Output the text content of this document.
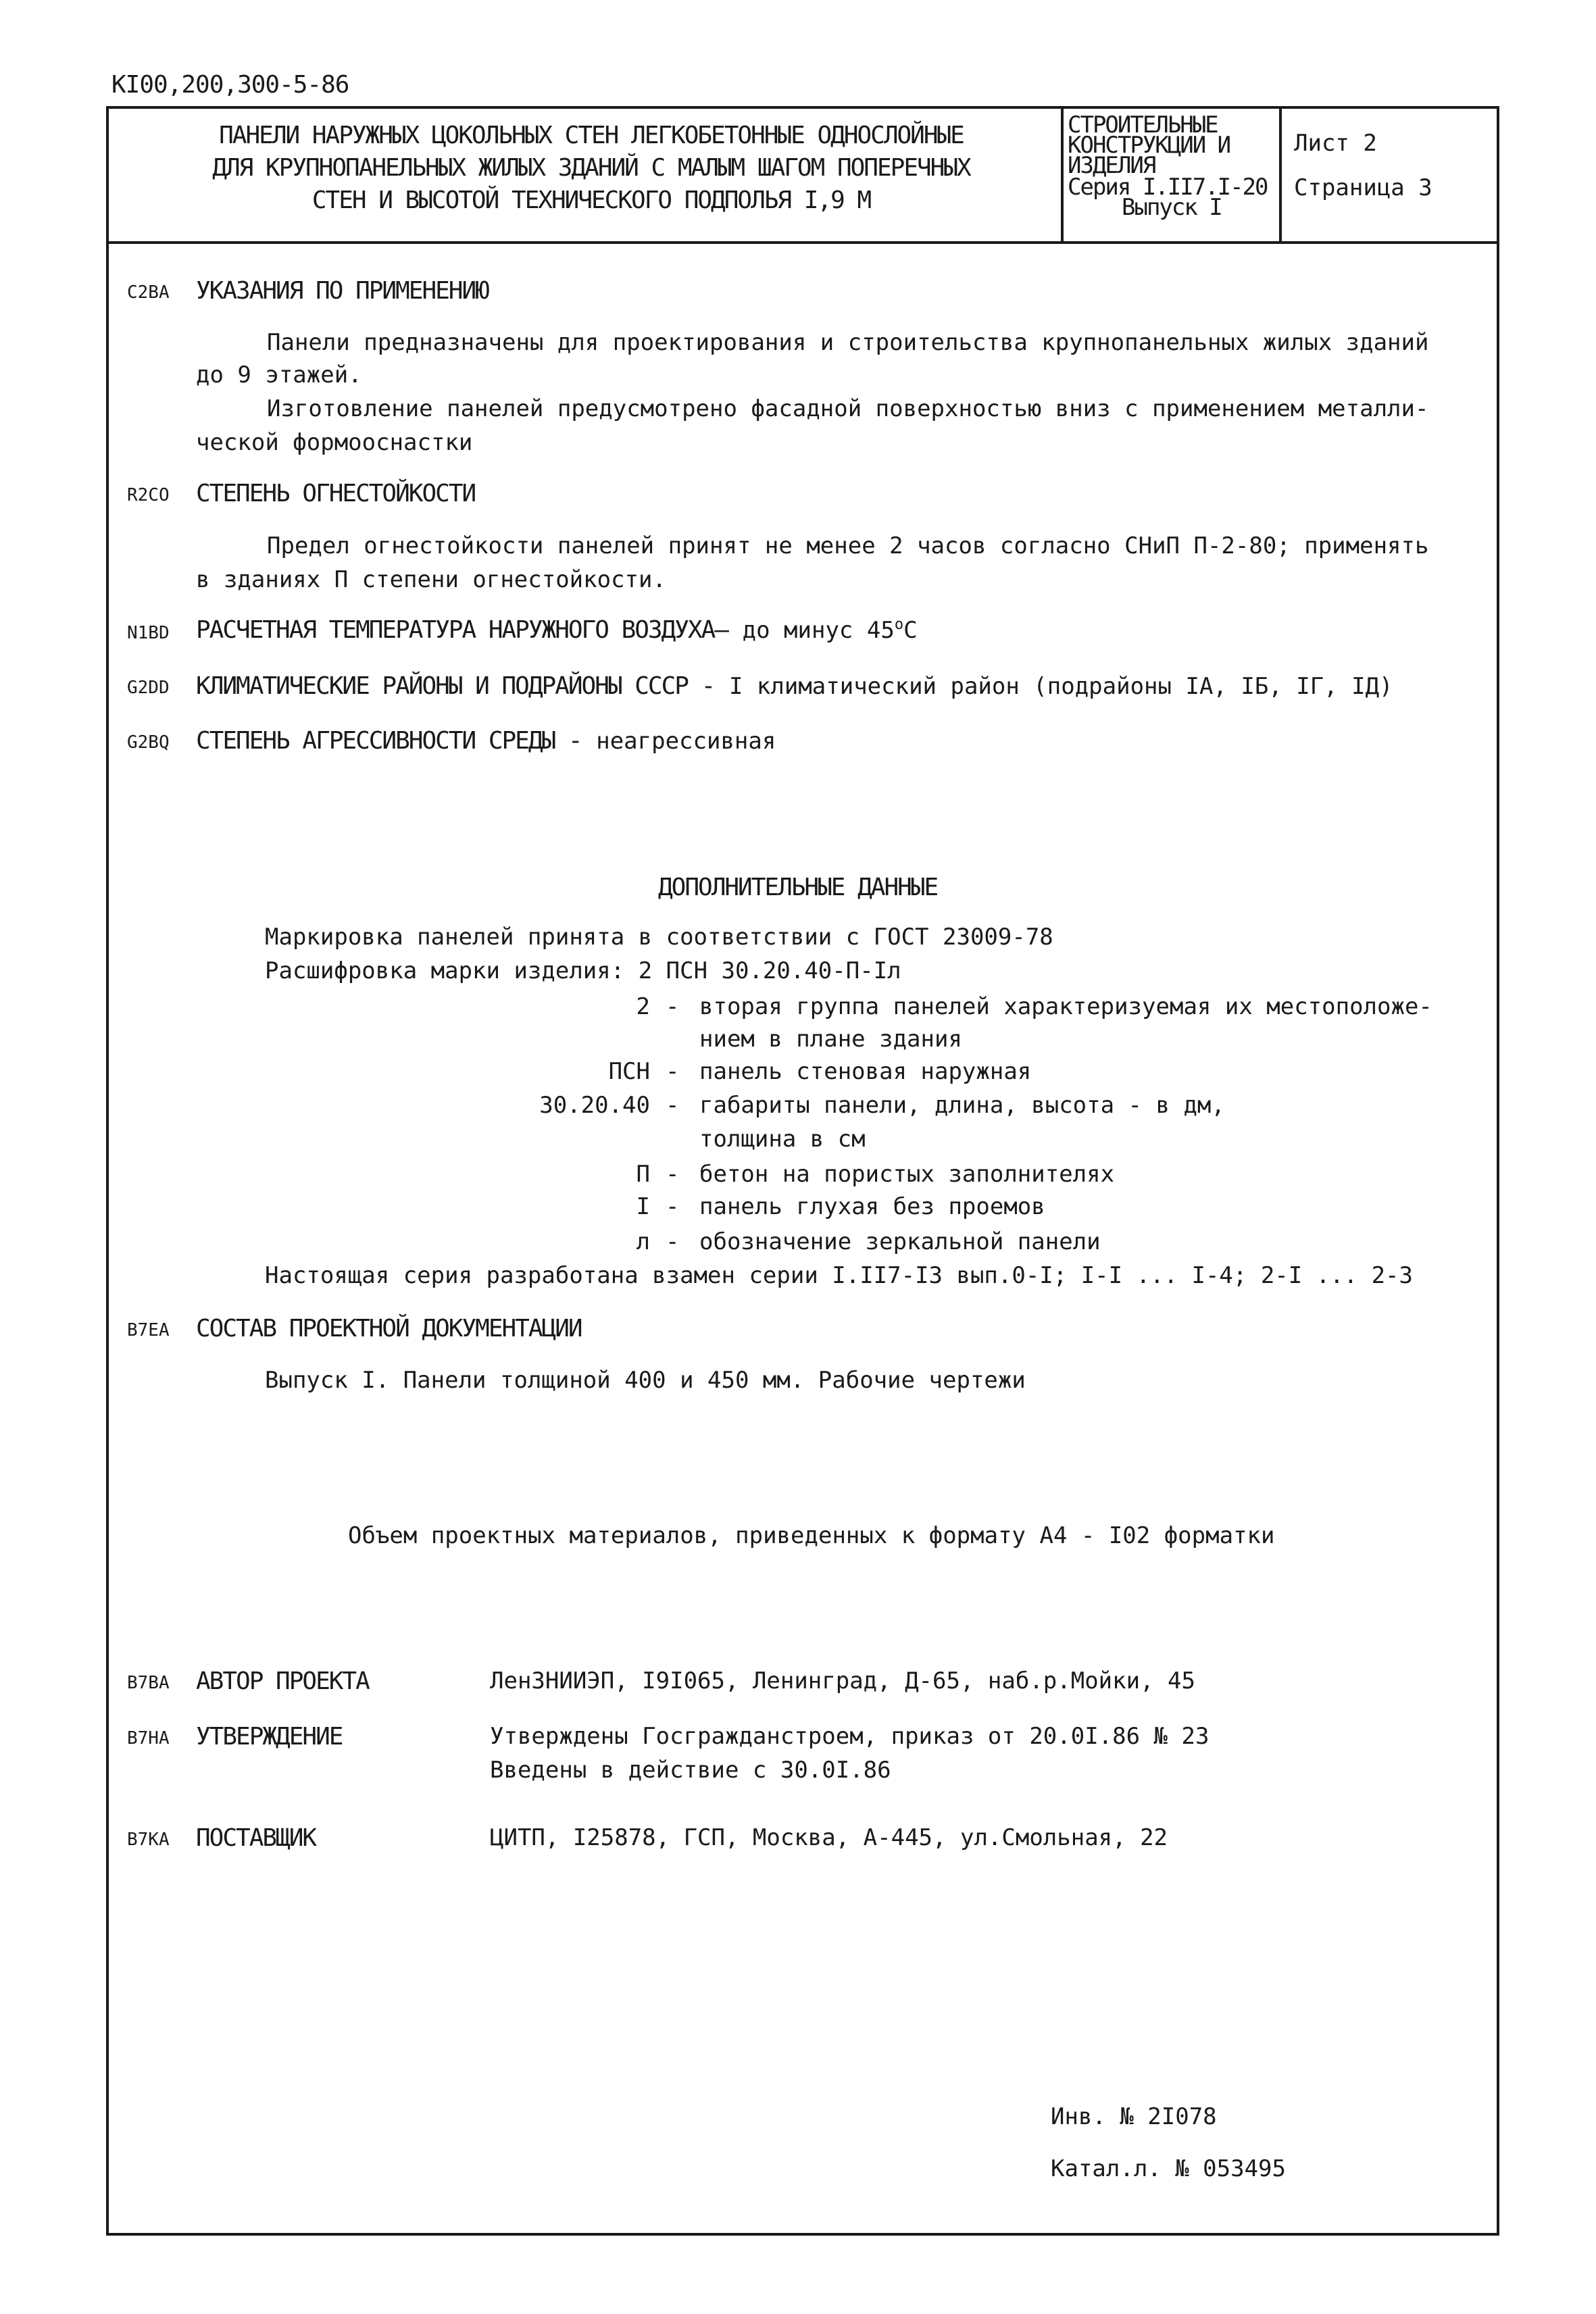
КI00,200,300-5-86
ПАНЕЛИ НАРУЖНЫХ ЦОКОЛЬНЫХ СТЕН ЛЕГКОБЕТОННЫЕ ОДНОСЛОЙНЫЕ
ДЛЯ КРУПНОПАНЕЛЬНЫХ ЖИЛЫХ ЗДАНИЙ С МАЛЫМ ШАГОМ ПОПЕРЕЧНЫХ
СТЕН И ВЫСОТОЙ ТЕХНИЧЕСКОГО ПОДПОЛЬЯ I,9 М
СТРОИТЕЛЬНЫЕ
КОНСТРУКЦИИ И
ИЗДЕЛИЯ
Серия I.II7.I-20
Выпуск I
Лист 2
Страница 3
C2BA УКАЗАНИЯ ПО ПРИМЕНЕНИЮ
Панели предназначены для проектирования и строительства крупнопанельных жилых зданий
до 9 этажей.
Изготовление панелей предусмотрено фасадной поверхностью вниз с применением металли-
ческой формооснастки
R2CO СТЕПЕНЬ ОГНЕСТОЙКОСТИ
Предел огнестойкости панелей принят не менее 2 часов согласно СНиП П-2-80; применять
в зданиях П степени огнестойкости.
N1BD РАСЧЕТНАЯ ТЕМПЕРАТУРА НАРУЖНОГО ВОЗДУХА— до минус $45^оС$
G2DD КЛИМАТИЧЕСКИЕ РАЙОНЫ И ПОДРАЙОНЫ СССР - I климатический район (подрайоны IА, IБ, IГ, IД)
G2BQ СТЕПЕНЬ АГРЕССИВНОСТИ СРЕДЫ - неагрессивная
ДОПОЛНИТЕЛЬНЫЕ ДАННЫЕ
Маркировка панелей принята в соответствии с ГОСТ 23009-78
Расшифровка марки изделия: 2 ПСН 30.20.40-П-Iл
2 - вторая группа панелей характеризуемая их местоположе-
нием в плане здания
ПСН - панель стеновая наружная
30.20.40 - габариты панели, длина, высота - в дм,
толщина в см
П - бетон на пористых заполнителях
I - панель глухая без проемов
л - обозначение зеркальной панели
Настоящая серия разработана взамен серии I.II7-I3 вып.0-I; I-I ... I-4; 2-I ... 2-3
B7EA СОСТАВ ПРОЕКТНОЙ ДОКУМЕНТАЦИИ
Выпуск I. Панели толщиной 400 и 450 мм. Рабочие чертежи
Объем проектных материалов, приведенных к формату А4 - I02 форматки
B7BA АВТОР ПРОЕКТА	ЛенЗНИИЭП, I9I065, Ленинград, Д-65, наб.р.Мойки, 45
B7HA УТВЕРЖДЕНИЕ	Утверждены Госгражданстроем, приказ от 20.0I.86 № 23
Введены в действие с 30.0I.86
B7KA ПОСТАВЩИК	ЦИТП, I25878, ГСП, Москва, А-445, ул.Смольная, 22
Инв. № 2I078
Катал.л. № 053495
